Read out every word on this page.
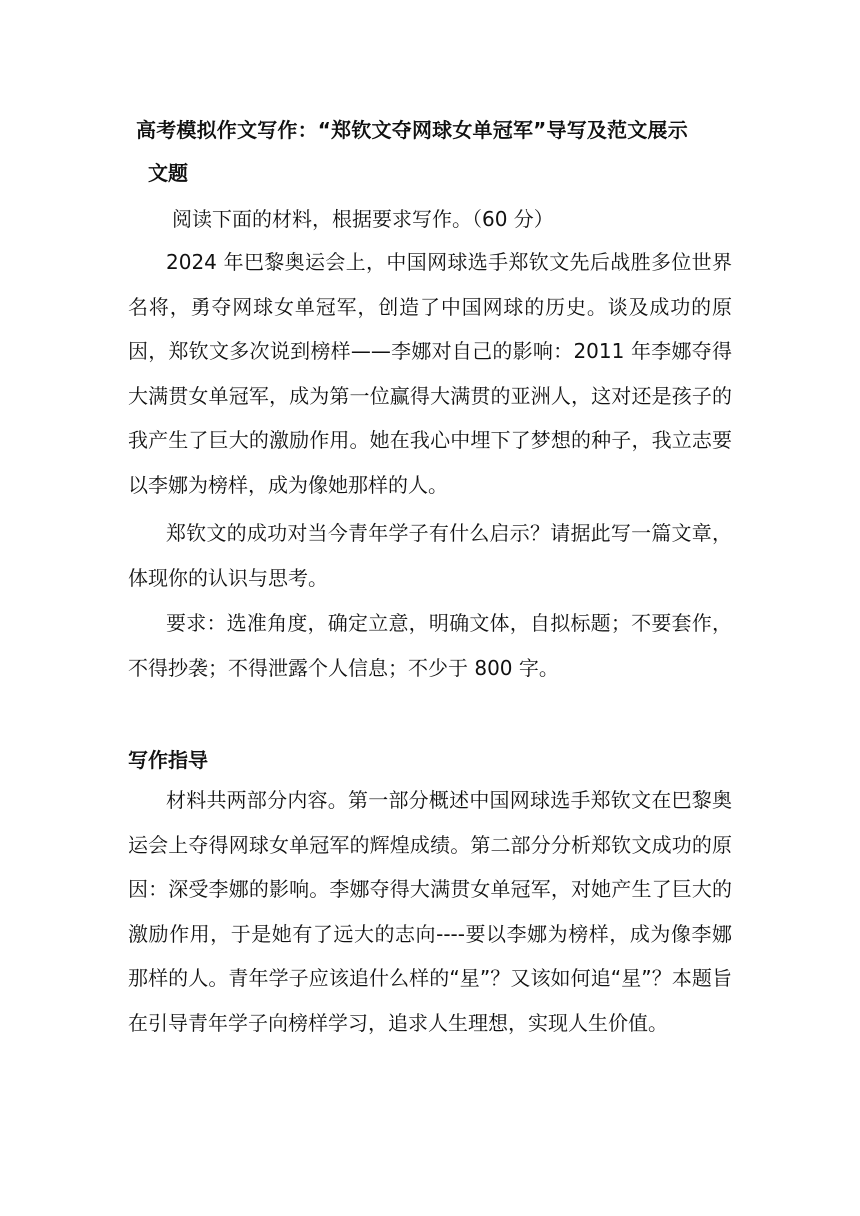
高考模拟作文写作：“郑钦文夺网球女单冠军”导写及范文展示
文题
阅读下面的材料，根据要求写作。（60 分）
2024 年巴黎奥运会上，中国网球选手郑钦文先后战胜多位世界名将，勇夺网球女单冠军，创造了中国网球的历史。谈及成功的原因，郑钦文多次说到榜样——李娜对自己的影响：2011 年李娜夺得大满贯女单冠军，成为第一位赢得大满贯的亚洲人，这对还是孩子的我产生了巨大的激励作用。她在我心中埋下了梦想的种子，我立志要以李娜为榜样，成为像她那样的人。
郑钦文的成功对当今青年学子有什么启示？请据此写一篇文章，体现你的认识与思考。
要求：选准角度，确定立意，明确文体，自拟标题；不要套作，不得抄袭；不得泄露个人信息；不少于 800 字。
写作指导
材料共两部分内容。第一部分概述中国网球选手郑钦文在巴黎奥运会上夺得网球女单冠军的辉煌成绩。第二部分分析郑钦文成功的原因：深受李娜的影响。李娜夺得大满贯女单冠军，对她产生了巨大的激励作用，于是她有了远大的志向----要以李娜为榜样，成为像李娜那样的人。青年学子应该追什么样的“星”？又该如何追“星”？本题旨在引导青年学子向榜样学习，追求人生理想，实现人生价值。
